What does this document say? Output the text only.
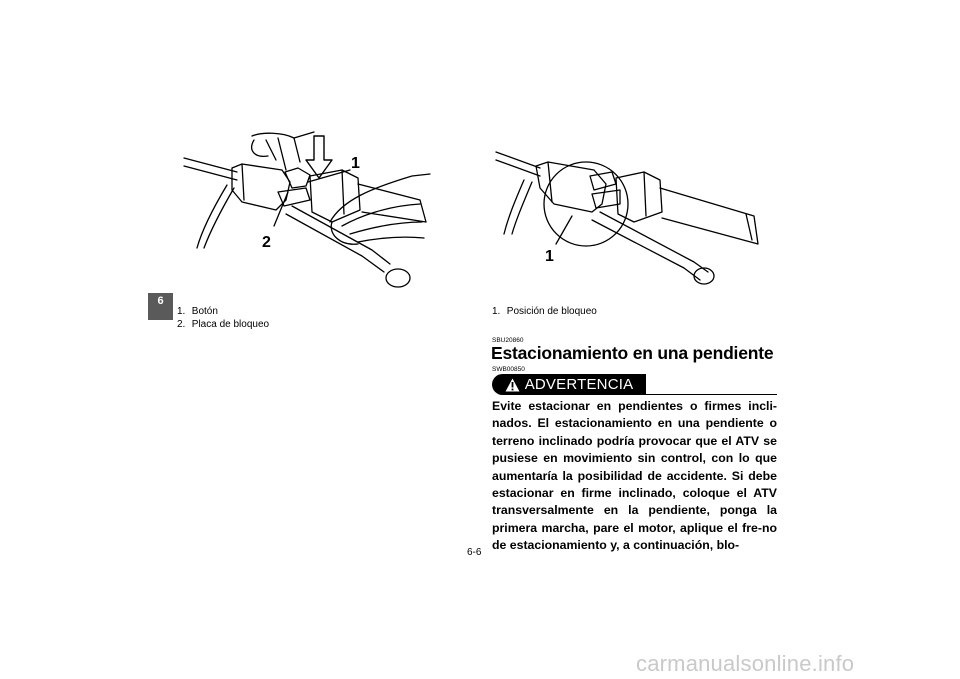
6
1
2
1. Botón
2. Placa de bloqueo
1
1. Posición de bloqueo
SBU20860
Estacionamiento en una pendiente
SWB00850
ADVERTENCIA

Evite estacionar en pendientes o firmes incli-nados. El estacionamiento en una pendiente o terreno inclinado podría provocar que el ATV se pusiese en movimiento sin control, con lo que aumentaría la posibilidad de accidente. Si debe estacionar en firme inclinado, coloque el ATV transversalmente en la pendiente, ponga la primera marcha, pare el motor, aplique el fre-no de estacionamiento y, a continuación, blo-

6-6
carmanualsonline.info
